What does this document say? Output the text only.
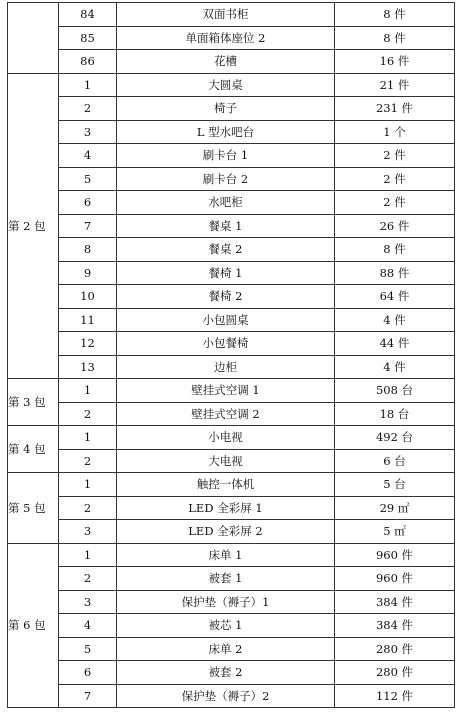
	84	双面书柜	8 件
	85	单面箱体座位 2	8 件
	86	花槽	16 件
第 2 包	1	大圆桌	21 件
	2	椅子	231 件
	3	L 型水吧台	1 个
	4	刷卡台 1	2 件
	5	刷卡台 2	2 件
	6	水吧柜	2 件
	7	餐桌 1	26 件
	8	餐桌 2	8 件
	9	餐椅 1	88 件
	10	餐椅 2	64 件
	11	小包圆桌	4 件
	12	小包餐椅	44 件
	13	边柜	4 件
第 3 包	1	壁挂式空调 1	508 台
	2	壁挂式空调 2	18 台
第 4 包	1	小电视	492 台
	2	大电视	6 台
第 5 包	1	触控一体机	5 台
	2	LED 全彩屏 1	29 ㎡
	3	LED 全彩屏 2	5 ㎡
第 6 包	1	床单 1	960 件
	2	被套 1	960 件
	3	保护垫（褥子）1	384 件
	4	被芯 1	384 件
	5	床单 2	280 件
	6	被套 2	280 件
	7	保护垫（褥子）2	112 件
